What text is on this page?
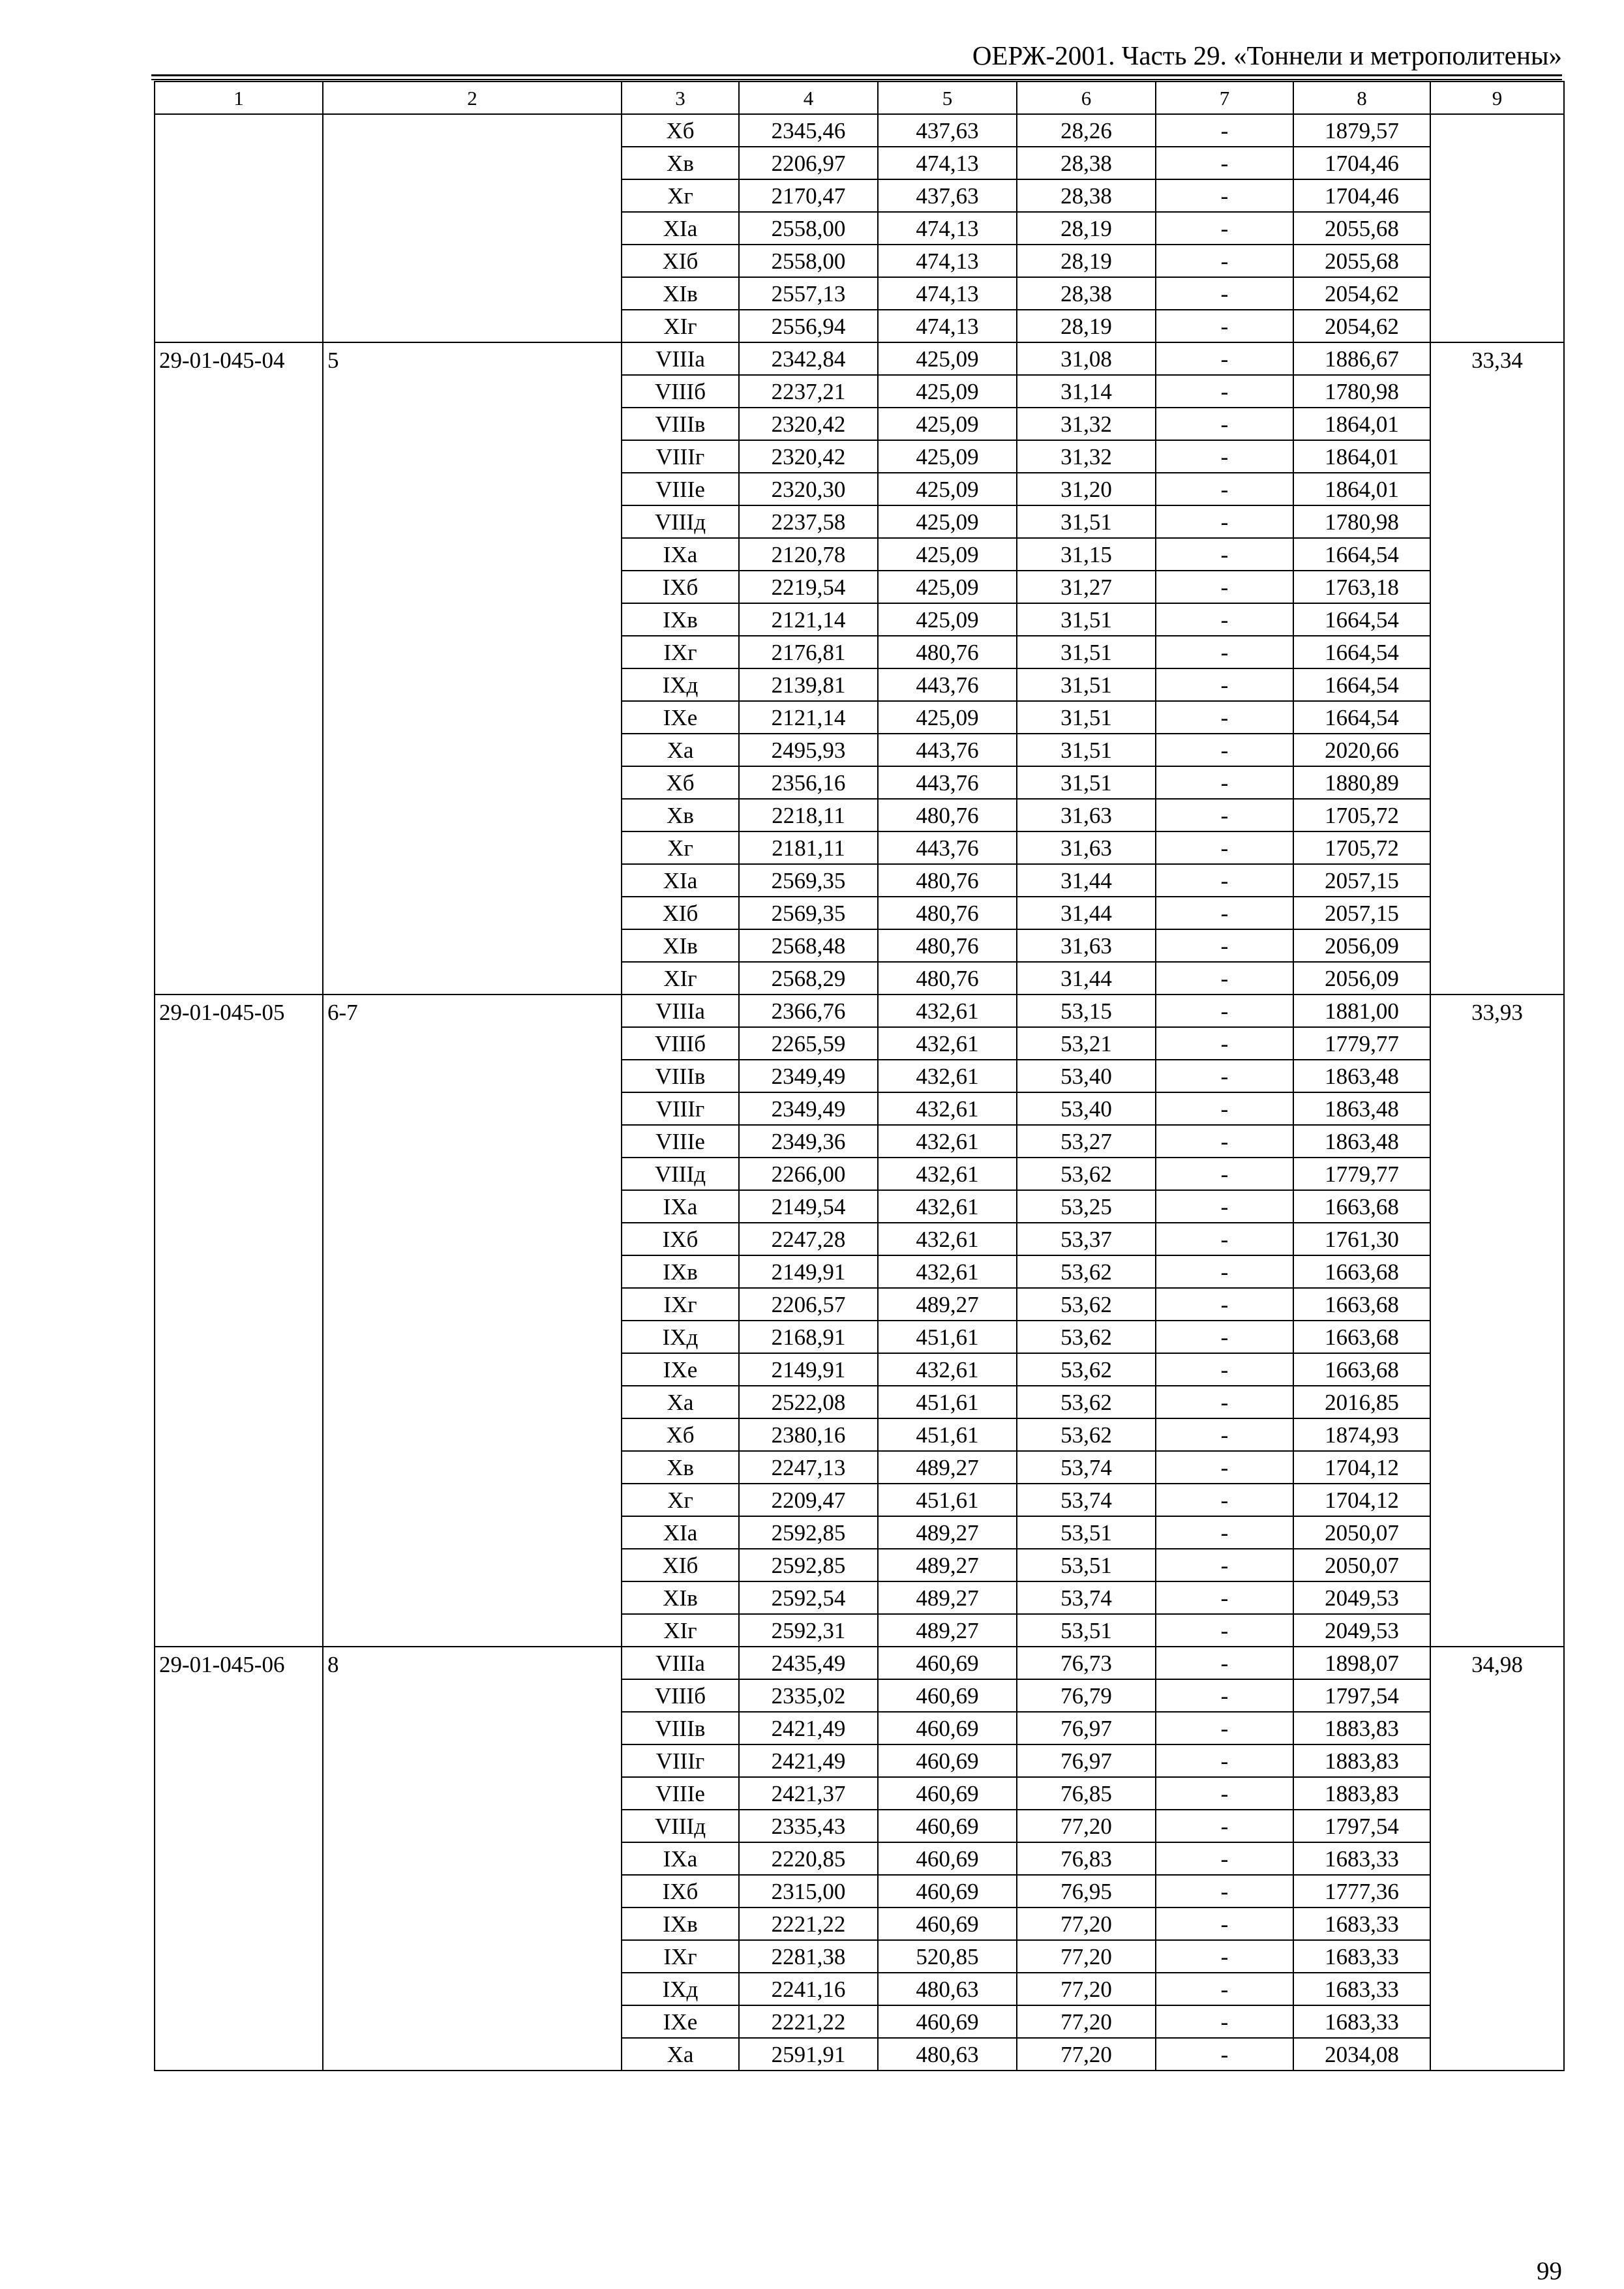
ОЕРЖ-2001. Часть 29. «Тоннели и метрополитены»
1	2	3	4	5	6	7	8	9
		Хб	2345,46	437,63	28,26	-	1879,57	
		Хв	2206,97	474,13	28,38	-	1704,46	
		Хг	2170,47	437,63	28,38	-	1704,46	
		XIа	2558,00	474,13	28,19	-	2055,68	
		XIб	2558,00	474,13	28,19	-	2055,68	
		XIв	2557,13	474,13	28,38	-	2054,62	
		XIг	2556,94	474,13	28,19	-	2054,62	
29-01-045-04	5	VIIIа	2342,84	425,09	31,08	-	1886,67	33,34
		VIIIб	2237,21	425,09	31,14	-	1780,98	
		VIIIв	2320,42	425,09	31,32	-	1864,01	
		VIIIг	2320,42	425,09	31,32	-	1864,01	
		VIIIе	2320,30	425,09	31,20	-	1864,01	
		VIIIд	2237,58	425,09	31,51	-	1780,98	
		IXа	2120,78	425,09	31,15	-	1664,54	
		IXб	2219,54	425,09	31,27	-	1763,18	
		IXв	2121,14	425,09	31,51	-	1664,54	
		IXг	2176,81	480,76	31,51	-	1664,54	
		IXд	2139,81	443,76	31,51	-	1664,54	
		IXе	2121,14	425,09	31,51	-	1664,54	
		Ха	2495,93	443,76	31,51	-	2020,66	
		Хб	2356,16	443,76	31,51	-	1880,89	
		Хв	2218,11	480,76	31,63	-	1705,72	
		Хг	2181,11	443,76	31,63	-	1705,72	
		XIа	2569,35	480,76	31,44	-	2057,15	
		XIб	2569,35	480,76	31,44	-	2057,15	
		XIв	2568,48	480,76	31,63	-	2056,09	
		XIг	2568,29	480,76	31,44	-	2056,09	
29-01-045-05	6-7	VIIIа	2366,76	432,61	53,15	-	1881,00	33,93
		VIIIб	2265,59	432,61	53,21	-	1779,77	
		VIIIв	2349,49	432,61	53,40	-	1863,48	
		VIIIг	2349,49	432,61	53,40	-	1863,48	
		VIIIе	2349,36	432,61	53,27	-	1863,48	
		VIIIд	2266,00	432,61	53,62	-	1779,77	
		IXа	2149,54	432,61	53,25	-	1663,68	
		IXб	2247,28	432,61	53,37	-	1761,30	
		IXв	2149,91	432,61	53,62	-	1663,68	
		IXг	2206,57	489,27	53,62	-	1663,68	
		IXд	2168,91	451,61	53,62	-	1663,68	
		IXе	2149,91	432,61	53,62	-	1663,68	
		Ха	2522,08	451,61	53,62	-	2016,85	
		Хб	2380,16	451,61	53,62	-	1874,93	
		Хв	2247,13	489,27	53,74	-	1704,12	
		Хг	2209,47	451,61	53,74	-	1704,12	
		XIа	2592,85	489,27	53,51	-	2050,07	
		XIб	2592,85	489,27	53,51	-	2050,07	
		XIв	2592,54	489,27	53,74	-	2049,53	
		XIг	2592,31	489,27	53,51	-	2049,53	
29-01-045-06	8	VIIIа	2435,49	460,69	76,73	-	1898,07	34,98
		VIIIб	2335,02	460,69	76,79	-	1797,54	
		VIIIв	2421,49	460,69	76,97	-	1883,83	
		VIIIг	2421,49	460,69	76,97	-	1883,83	
		VIIIе	2421,37	460,69	76,85	-	1883,83	
		VIIIд	2335,43	460,69	77,20	-	1797,54	
		IXа	2220,85	460,69	76,83	-	1683,33	
		IXб	2315,00	460,69	76,95	-	1777,36	
		IXв	2221,22	460,69	77,20	-	1683,33	
		IXг	2281,38	520,85	77,20	-	1683,33	
		IXд	2241,16	480,63	77,20	-	1683,33	
		IXе	2221,22	460,69	77,20	-	1683,33	
		Ха	2591,91	480,63	77,20	-	2034,08	
99
